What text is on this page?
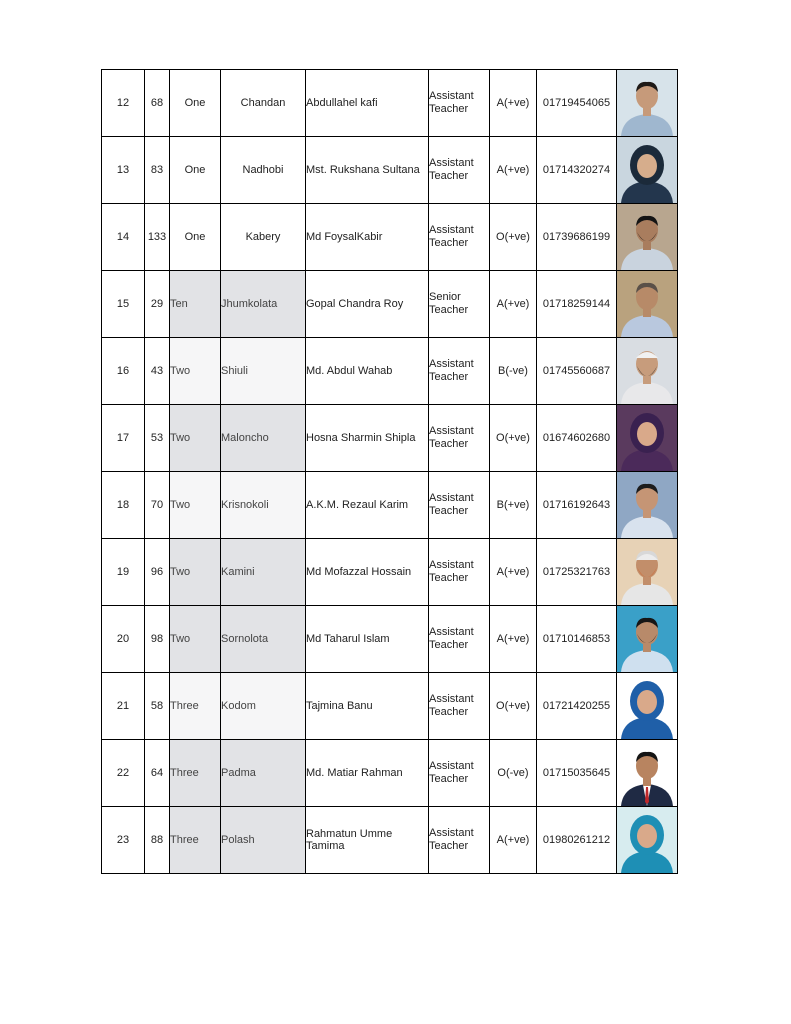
12	68	One	Chandan	Abdullahel kafi	Assistant
Teacher	A(+ve)	01719454065	

13	83	One	Nadhobi	Mst. Rukshana Sultana	Assistant
Teacher	A(+ve)	01714320274	

14	133	One	Kabery	Md FoysalKabir	Assistant
Teacher	O(+ve)	01739686199	

15	29	Ten	Jhumkolata	Gopal Chandra Roy	Senior
Teacher	A(+ve)	01718259144	

16	43	Two	Shiuli	Md. Abdul Wahab	Assistant
Teacher	B(-ve)	01745560687	

17	53	Two	Maloncho	Hosna Sharmin Shipla	Assistant
Teacher	O(+ve)	01674602680	

18	70	Two	Krisnokoli	A.K.M. Rezaul Karim	Assistant
Teacher	B(+ve)	01716192643	

19	96	Two	Kamini	Md Mofazzal Hossain	Assistant
Teacher	A(+ve)	01725321763	

20	98	Two	Sornolota	Md Taharul Islam	Assistant
Teacher	A(+ve)	01710146853	

21	58	Three	Kodom	Tajmina Banu	Assistant
Teacher	O(+ve)	01721420255	

22	64	Three	Padma	Md. Matiar Rahman	Assistant
Teacher	O(-ve)	01715035645	

23	88	Three	Polash	Rahmatun Umme Tamima	Assistant
Teacher	A(+ve)	01980261212	
